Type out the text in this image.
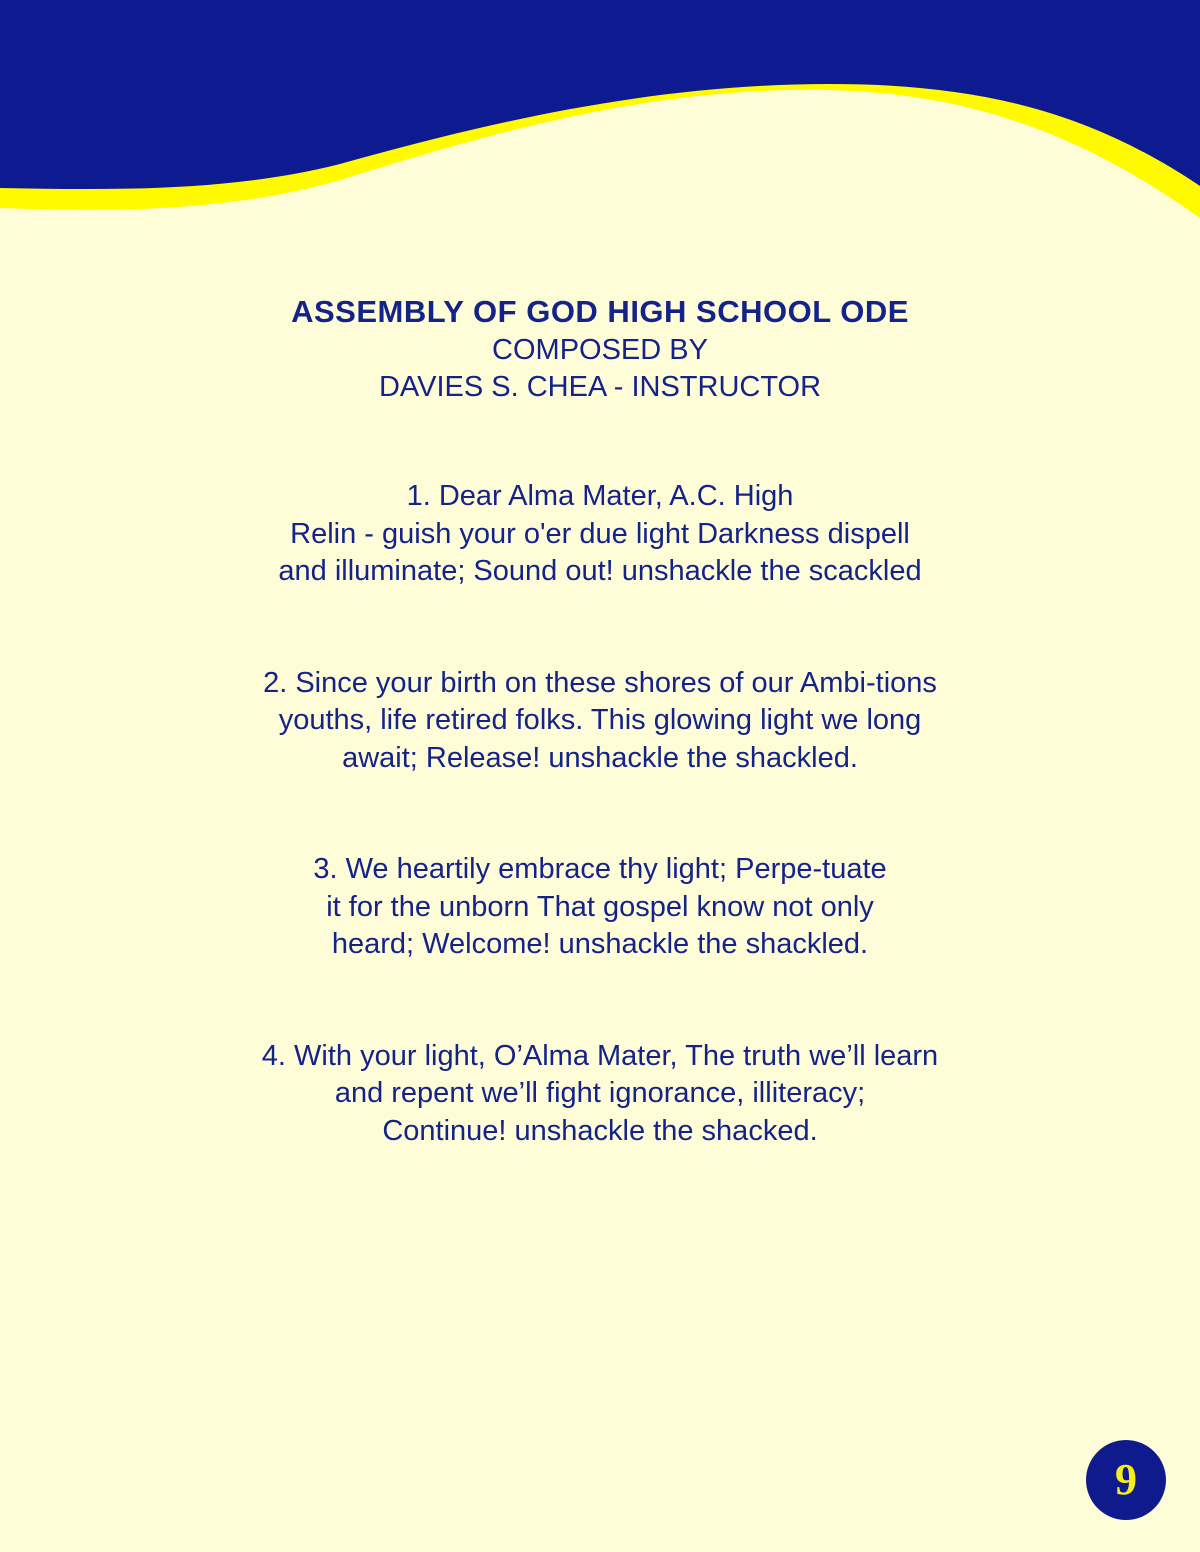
ASSEMBLY OF GOD HIGH SCHOOL ODE

COMPOSED BY

DAVIES S. CHEA - INSTRUCTOR

1. Dear Alma Mater, A.C. High
Relin - guish your o'er due light Darkness dispell
and illuminate; Sound out! unshackle the scackled

2. Since your birth on these shores of our Ambi-tions
youths, life retired folks. This glowing light we long
await; Release! unshackle the shackled.

3. We heartily embrace thy light; Perpe-tuate
it for the unborn That gospel know not only
heard; Welcome! unshackle the shackled.

4. With your light, O’Alma Mater, The truth we’ll learn
and repent we’ll fight ignorance, illiteracy;
Continue! unshackle the shacked.

9
